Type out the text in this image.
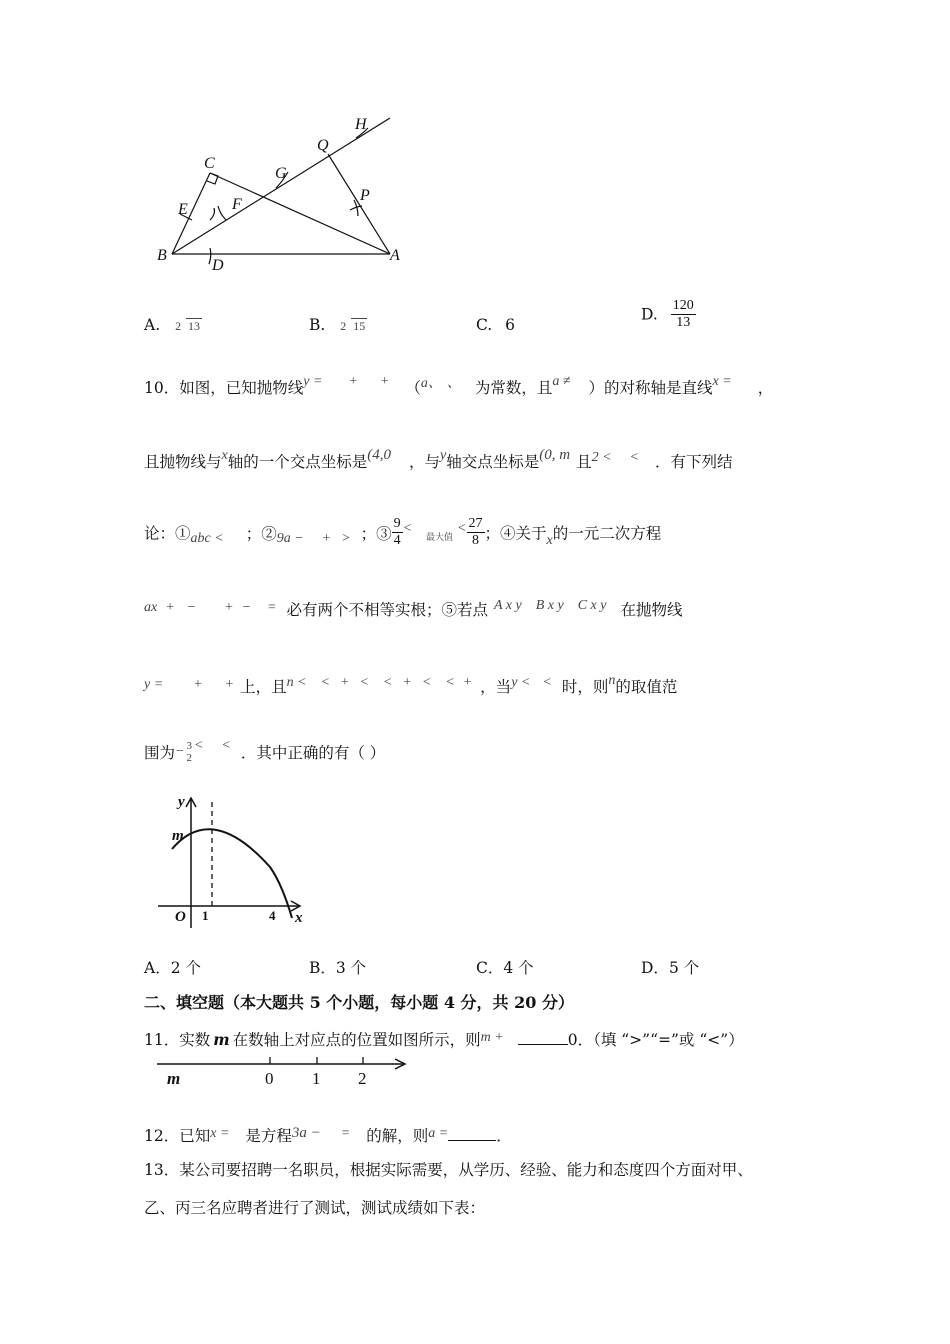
H
Q
C
G
P
E	F
B
D
A
A. 2 13	B. 2 15	C. 6
D. $\frac{120}{13}$
10．如图，已知抛物线y = + + （a、 、 为常数，且a ≠ ）的对称轴是直线x = ，
且抛物线与x轴的一个交点坐标是(4,0 ，与y轴交点坐标是(0, m 且2 < < ．有下列结
论：①abc < ；②9a − + > ；③ $\frac{9}{4} <_{最大值}< \frac{27}{8}$ ；④关于x的一元二次方程
ax + − + − = 必有两个不相等实根；⑤若点 A x y B x y C x y 在抛物线
y = + + 上，且n < < + < < + < < + ，当y < < 时，则n的取值范
围为− 3
2
< < ．其中正确的有（ ）
y
m
O	x
1	4
A．2 个	B．3 个	C．4 个	D．5 个
二、填空题（本大题共 5 个小题，每小题 4 分，共 20 分）
11．实数 m 在数轴上对应点的位置如图所示，则m +	0．（填 “>”“=”或 “<”）
m	0 1 2
12．已知x = 是方程3a − = 的解，则a =	．
13．某公司要招聘一名职员，根据实际需要，从学历、经验、能力和态度四个方面对甲、
乙、丙三名应聘者进行了测试，测试成绩如下表：
